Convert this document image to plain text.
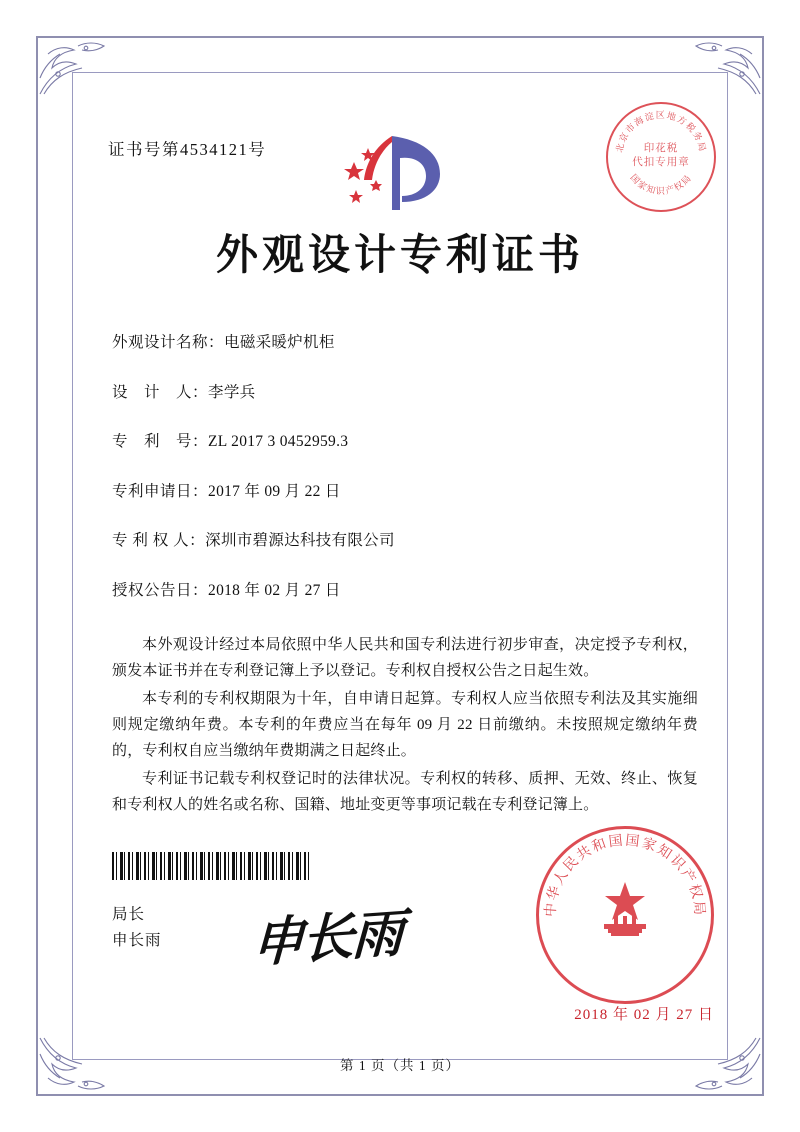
北京市海淀区地方税务局
国家知识产权局
印花税
代扣专用章
证书号第4534121号
外观设计专利证书
外观设计名称： 电磁采暖炉机柜
设　计　人： 李学兵
专　利　号： ZL 2017 3 0452959.3
专利申请日： 2017 年 09 月 22 日
专 利 权 人： 深圳市碧源达科技有限公司
授权公告日： 2018 年 02 月 27 日

本外观设计经过本局依照中华人民共和国专利法进行初步审查，决定授予专利权，颁发本证书并在专利登记簿上予以登记。专利权自授权公告之日起生效。

本专利的专利权期限为十年，自申请日起算。专利权人应当依照专利法及其实施细则规定缴纳年费。本专利的年费应当在每年 09 月 22 日前缴纳。未按照规定缴纳年费的，专利权自应当缴纳年费期满之日起终止。

专利证书记载专利权登记时的法律状况。专利权的转移、质押、无效、终止、恢复和专利权人的姓名或名称、国籍、地址变更等事项记载在专利登记簿上。

局长
申长雨	申长雨	中华人民共和国国家知识产权局
2018 年 02 月 27 日
第 1 页（共 1 页）
